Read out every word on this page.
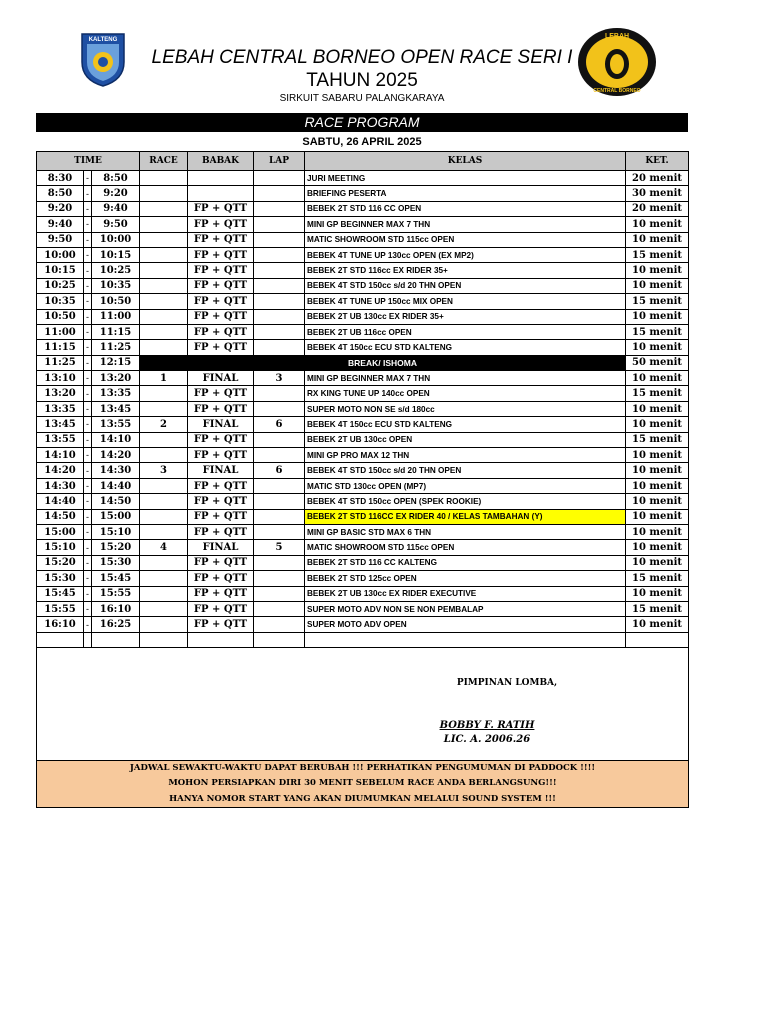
KALTENG
LEBAH CENTRAL BORNEO OPEN RACE SERI I
TAHUN 2025
SIRKUIT SABARU PALANGKARAYA
LEBAH
CENTRAL BORNEO
RACE PROGRAM
SABTU, 26 APRIL 2025
TIME			RACE	BABAK	LAP	KELAS	KET.
8:30	-	8:50				JURI MEETING	20 menit
8:50	-	9:20				BRIEFING PESERTA	30 menit
9:20	-	9:40		FP + QTT		BEBEK 2T STD 116 CC OPEN	20 menit
9:40	-	9:50		FP + QTT		MINI GP BEGINNER MAX 7 THN	10 menit
9:50	-	10:00		FP + QTT		MATIC SHOWROOM STD 115cc OPEN	10 menit
10:00	-	10:15		FP + QTT		BEBEK 4T TUNE UP 130cc OPEN (EX MP2)	15 menit
10:15	-	10:25		FP + QTT		BEBEK 2T STD 116cc EX RIDER 35+	10 menit
10:25	-	10:35		FP + QTT		BEBEK 4T STD 150cc s/d 20 THN OPEN	10 menit
10:35	-	10:50		FP + QTT		BEBEK 4T TUNE UP 150cc MIX OPEN	15 menit
10:50	-	11:00		FP + QTT		BEBEK 2T UB 130cc EX RIDER 35+	10 menit
11:00	-	11:15		FP + QTT		BEBEK 2T UB 116cc OPEN	15 menit
11:15	-	11:25		FP + QTT		BEBEK 4T 150cc ECU STD KALTENG	10 menit
11:25	-	12:15	BREAK/ ISHOMA				50 menit
13:10	-	13:20	1	FINAL	3	MINI GP BEGINNER MAX 7 THN	10 menit
13:20	-	13:35		FP + QTT		RX KING TUNE UP 140cc OPEN	15 menit
13:35	-	13:45		FP + QTT		SUPER MOTO NON SE s/d 180cc	10 menit
13:45	-	13:55	2	FINAL	6	BEBEK 4T 150cc ECU STD KALTENG	10 menit
13:55	-	14:10		FP + QTT		BEBEK 2T UB 130cc OPEN	15 menit
14:10	-	14:20		FP + QTT		MINI GP PRO MAX 12 THN	10 menit
14:20	-	14:30	3	FINAL	6	BEBEK 4T STD 150cc s/d 20 THN OPEN	10 menit
14:30	-	14:40		FP + QTT		MATIC STD 130cc OPEN (MP7)	10 menit
14:40	-	14:50		FP + QTT		BEBEK 4T STD 150cc OPEN (SPEK ROOKIE)	10 menit
14:50	-	15:00		FP + QTT		BEBEK 2T STD 116CC EX RIDER 40 / KELAS TAMBAHAN (Y)	10 menit
15:00	-	15:10		FP + QTT		MINI GP BASIC STD MAX 6 THN	10 menit
15:10	-	15:20	4	FINAL	5	MATIC SHOWROOM STD 115cc OPEN	10 menit
15:20	-	15:30		FP + QTT		BEBEK 2T STD 116 CC KALTENG	10 menit
15:30	-	15:45		FP + QTT		BEBEK 2T STD 125cc OPEN	15 menit
15:45	-	15:55		FP + QTT		BEBEK 2T UB 130cc EX RIDER EXECUTIVE	10 menit
15:55	-	16:10		FP + QTT		SUPER MOTO ADV NON SE NON PEMBALAP	15 menit
16:10	-	16:25		FP + QTT		SUPER MOTO ADV OPEN	10 menit

PIMPINAN LOMBA,
BOBBY F. RATIH
LIC. A. 2006.26
JADWAL SEWAKTU-WAKTU DAPAT BERUBAH !!! PERHATIKAN PENGUMUMAN DI PADDOCK !!!!
MOHON PERSIAPKAN DIRI 30 MENIT SEBELUM RACE ANDA BERLANGSUNG!!!
HANYA NOMOR START YANG AKAN DIUMUMKAN MELALUI SOUND SYSTEM !!!
